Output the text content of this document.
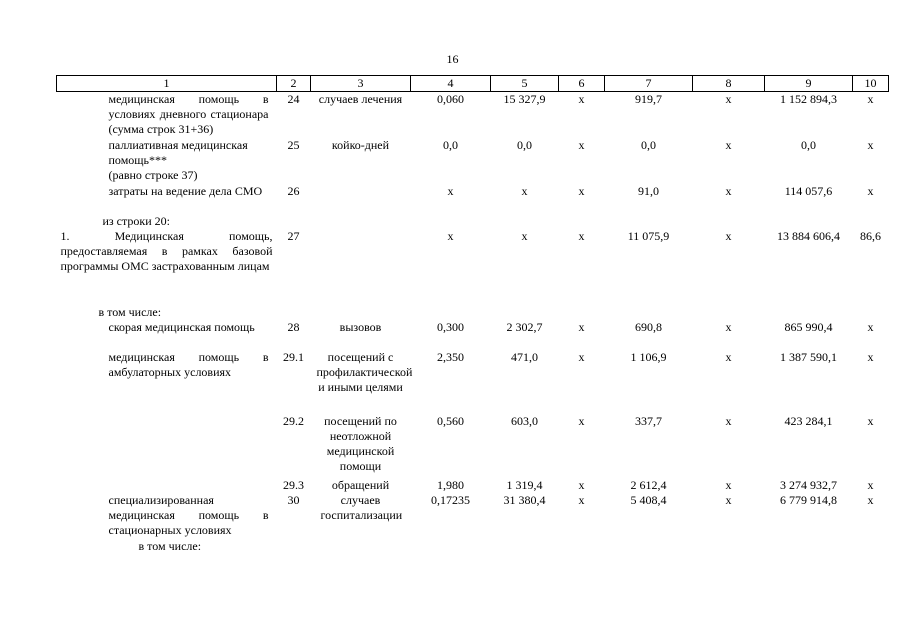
16
1	2	3	4	5	6	7	8	9	10
медицинская помощь в условиях дневного стационара (сумма строк 31+36)	24	случаев лечения	0,060	15 327,9	х	919,7	х	1 152 894,3	х

паллиативная медицинская помощь***
(равно строке 37)	25	койко-дней	0,0	0,0	х	0,0	х	0,0	х
затраты на ведение дела СМО	26		х	х	х	91,0	х	114 057,6	х
из строки 20:									
1. Медицинская помощь, предоставляемая в рамках базовой программы ОМС застрахованным лицам	27		х	х	х	11 075,9	х	13 884 606,4	86,6
в том числе:									
скорая медицинская помощь	28	вызовов	0,300	2 302,7	х	690,8	х	865 990,4	х
медицинская помощь в амбулаторных условиях	29.1	посещений с профилактической и иными целями	2,350	471,0	х	1 106,9	х	1 387 590,1	х
	29.2	посещений по неотложной медицинской помощи	0,560	603,0	х	337,7	х	423 284,1	х
	29.3	обращений	1,980	1 319,4	х	2 612,4	х	3 274 932,7	х
специализированная медицинская помощь в стационарных условиях	30	случаев госпитализации	0,17235	31 380,4	х	5 408,4	х	6 779 914,8	х
в том числе:									
